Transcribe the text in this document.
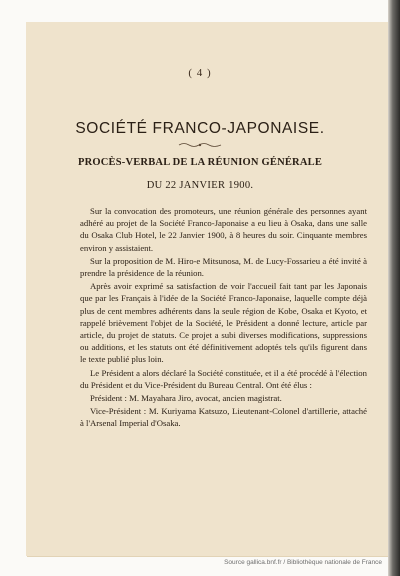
( 4 )
SOCIÉTÉ FRANCO-JAPONAISE.
PROCÈS-VERBAL DE LA RÉUNION GÉNÉRALE
DU 22 JANVIER 1900.

Sur la convocation des promoteurs, une réunion générale des personnes ayant adhéré au projet de la Société Franco-Japonaise a eu lieu à Osaka, dans une salle du Osaka Club Hotel, le 22 Janvier 1900, à 8 heures du soir. Cinquante membres environ y assistaient.

Sur la proposition de M. Hiro-e Mitsunosa, M. de Lucy-Fossarieu a été invité à prendre la présidence de la réunion.

Après avoir exprimé sa satisfaction de voir l'accueil fait tant par les Japonais que par les Français à l'idée de la Société Franco-Japonaise, laquelle compte déjà plus de cent membres adhérents dans la seule région de Kobe, Osaka et Kyoto, et rappelé brièvement l'objet de la Société, le Président a donné lecture, article par article, du projet de statuts. Ce projet a subi diverses modifications, suppressions ou additions, et les statuts ont été définitivement adoptés tels qu'ils figurent dans le texte publié plus loin.

Le Président a alors déclaré la Société constituée, et il a été procédé à l'élection du Président et du Vice-Président du Bureau Central. Ont été élus :

Président : M. Mayahara Jiro, avocat, ancien magistrat.

Vice-Président : M. Kuriyama Katsuzo, Lieutenant-Colonel d'artillerie, attaché à l'Arsenal Imperial d'Osaka.

Source gallica.bnf.fr / Bibliothèque nationale de France
